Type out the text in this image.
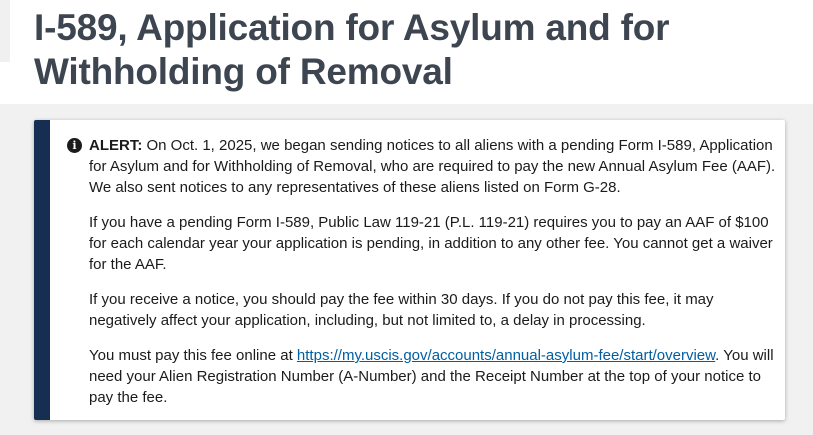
I-589, Application for Asylum and for Withholding of Removal
i ALERT: On Oct. 1, 2025, we began sending notices to all aliens with a pending Form I-589, Application for Asylum and for Withholding of Removal, who are required to pay the new Annual Asylum Fee (AAF). We also sent notices to any representatives of these aliens listed on Form G-28.

If you have a pending Form I-589, Public Law 119-21 (P.L. 119-21) requires you to pay an AAF of $100 for each calendar year your application is pending, in addition to any other fee. You cannot get a waiver for the AAF.

If you receive a notice, you should pay the fee within 30 days. If you do not pay this fee, it may negatively affect your application, including, but not limited to, a delay in processing.

You must pay this fee online at https://my.uscis.gov/accounts/annual-asylum-fee/start/overview. You will need your Alien Registration Number (A-Number) and the Receipt Number at the top of your notice to pay the fee.
